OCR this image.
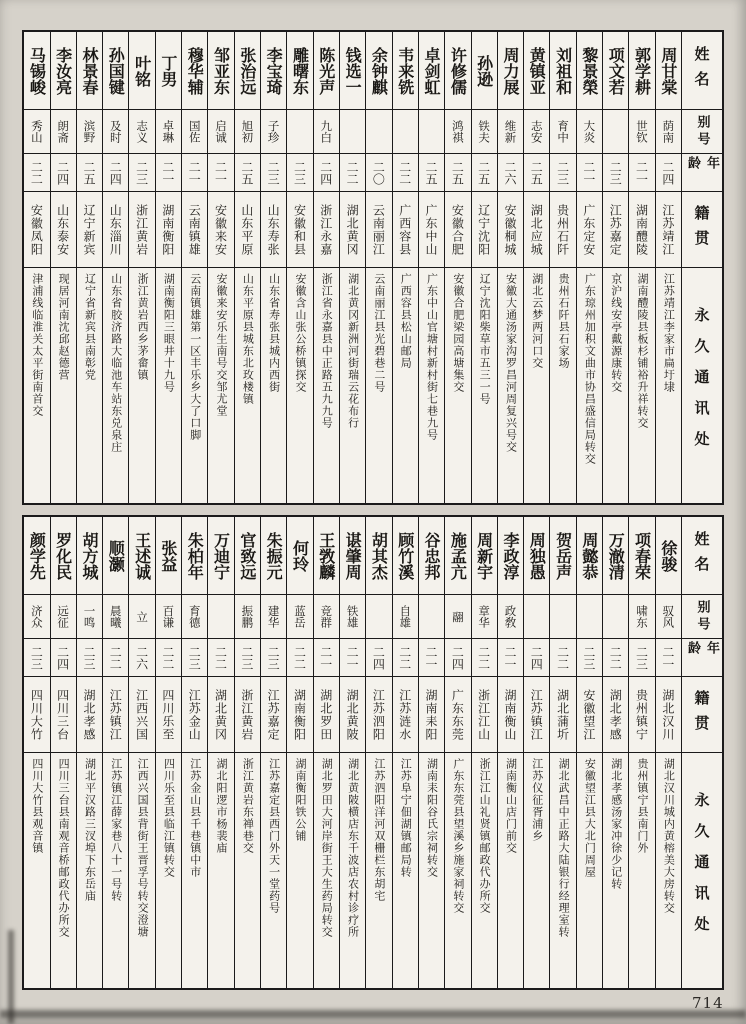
姓名
别号
年龄
籍贯
永久通讯处
周甘棠
荫南
二四
江苏靖江
江苏靖江李家市扁圩埭
郭学耕
世钦
二一
湖南醴陵
湖南醴陵县板杉铺裕升祥转交
项文若
二三
江苏嘉定
京沪线安亭戴源康转交
黎景榮
大炎
二一
广东定安
广东琼州加积文曲市协昌盛信局转交
刘祖和
育中
二三
贵州石阡
贵州石阡县石家场
黄镇亚
志安
二五
湖北应城
湖北云梦两河口交
周力展
维新
二六
安徽桐城
安徽大通汤家沟罗昌河周复兴号交
孙逊
铁夫
二五
辽宁沈阳
辽宁沈阳柴草市五三一号
许修儒
鸿祺
二五
安徽合肥
安徽合肥梁园高塘集交
卓剑虹
二五
广东中山
广东中山官塘村新村街七巷九号
韦来铣
二二
广西容县
广西容县松山邮局
余钟麒
二〇
云南丽江
云南丽江县光碧巷二号
钱选一
二二
湖北黄冈
湖北黄冈新洲河街瑞云花布行
陈光声
九白
二四
浙江永嘉
浙江省永嘉县中正路五九九号
雕曙东
二三
安徽和县
安徽含山张公桥镇探交
李宝琦
子珍
二三
山东寿张
山东省寿张县城内西街
张治远
旭初
二五
山东平原
山东平原县城东北玫楼镇
邹亚东
启诚
二一
安徽来安
安徽来安乐生南号交邹尤堂
穆华辅
国佐
二一
云南镇雄
云南镇雄第一区丰乐乡大了口脚
丁男
卓琳
二一
湖南衡阳
湖南衡阳三眼井十九号
叶铭
志义
二三
浙江黄岩
浙江黄岩西乡茅畲镇
孙国键
及时
二四
山东淄川
山东省胶济路大临池车站东兑泉庄
林景春
滨野
二五
辽宁新宾
辽宁省新宾县南彰党
李汝亮
朗斋
二四
山东泰安
现居河南沈邱赵德营
马锡峻
秀山
二二
安徽凤阳
津浦线临淮关太平街南首交
姓名
别号
年龄
籍贯
永久通讯处
徐骏
驭风
二一
湖北汉川
湖北汉川城内黄榕美大房转交
项春荣
啸东
二三
贵州镇宁
贵州镇宁县南门外
万澈清
二二
湖北孝感
湖北孝感汤家冲徐少记转
周懿恭
二三
安徽望江
安徽望江县大北门周屋
贺岳声
二二
湖北蒲圻
湖北武昌中正路大陆银行经理室转
周独愚
二四
江苏镇江
江苏仪征胥浦乡
李政淳
政敎
二一
湖南衡山
湖南衡山店门前交
周新宇
章华
二二
浙江江山
浙江江山礼贤镇邮政代办所交
施孟亢
翮
二四
广东东莞
广东东莞县望溪乡施家祠转交
谷忠邦
二一
湖南耒阳
湖南耒阳谷氏宗祠转交
顾竹溪
自雄
二二
江苏涟水
江苏阜宁佃湖镇邮局转
胡其杰
二四
江苏泗阳
江苏泗阳洋河双栅栏东胡宅
谌肇周
铁雄
二一
湖北黄陂
湖北黄陂横店东千波店农村诊疗所
王敩麟
竞群
二一
湖北罗田
湖北罗田大河岸街王大生药局转交
何玲
蓝岳
二二
湖南衡阳
湖南衡阳铁公铺
朱振元
建华
二三
江苏嘉定
江苏嘉定县西门外天一堂药号
官致远
振鹏
二三
浙江黄岩
浙江黄岩东禅巷交
万迪宁
二二
湖北黄冈
湖北阳逻市杨裴庙
朱柏年
育德
二三
江苏金山
江苏金山县千巷镇中市
张益
百谦
二二
四川乐至
四川乐至县临江镇转交
王述诚
立
二六
江西兴国
江西兴国县背街王晋孚号转交澄塘
顺灏
晨曦
二二
江苏镇江
江苏镇江薛家巷八十一号转
胡方城
一鸣
二三
湖北孝感
湖北平汉路三汊埠下东岳庙
罗化民
远征
二四
四川三台
四川三台县南观音桥邮政代办所交
颜学先
济众
二三
四川大竹
四川大竹县观音镇
714
